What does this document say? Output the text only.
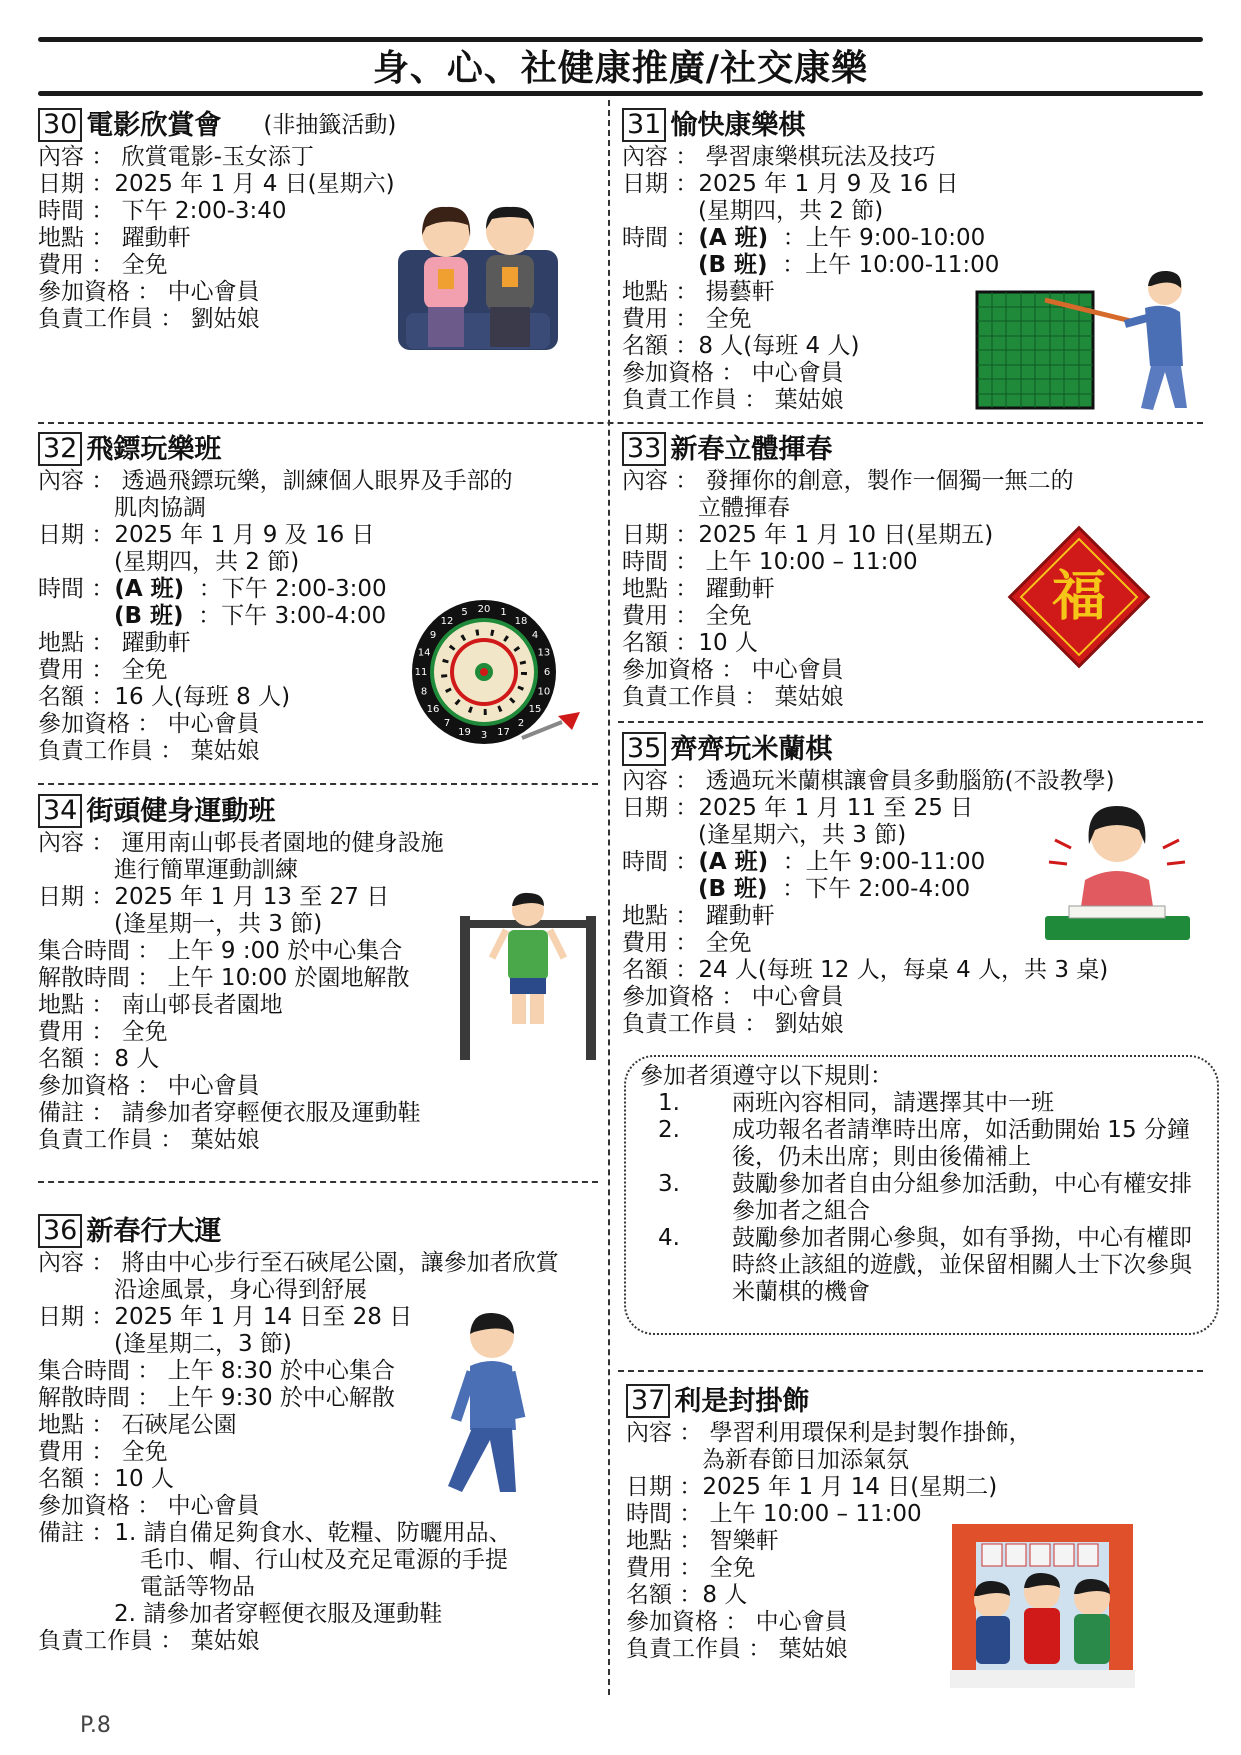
身、心、社健康推廣/社交康樂
30 電影欣賞會 (非抽籤活動)
內容 ： 欣賞電影-玉女添丁
日期 ： 2025 年 1 月 4 日(星期六)
時間 ： 下午 2:00-3:40
地點 ： 躍動軒
費用 ： 全免
參加資格 ： 中心會員
負責工作員 ： 劉姑娘
31 愉快康樂棋
內容 ： 學習康樂棋玩法及技巧
日期 ： 2025 年 1 月 9 及 16 日
(星期四，共 2 節)
時間 ： (A 班) ：上午 9:00-10:00
(B 班) ：上午 10:00-11:00
地點 ： 揚藝軒
費用 ： 全免
名額 ： 8 人(每班 4 人)
參加資格 ： 中心會員
負責工作員 ： 葉姑娘
32 飛鏢玩樂班
內容 ： 透過飛鏢玩樂，訓練個人眼界及手部的
肌肉協調
日期 ： 2025 年 1 月 9 及 16 日
(星期四，共 2 節)
時間 ： (A 班) ：下午 2:00-3:00
(B 班) ：下午 3:00-4:00
地點 ： 躍動軒
費用 ： 全免
名額 ： 16 人(每班 8 人)
參加資格 ： 中心會員
負責工作員 ： 葉姑娘
20 1
18
4
13
6
10
15
2
17
3
19
7
16
8
11
14
9
12
5
33 新春立體揮春
內容 ： 發揮你的創意，製作一個獨一無二的
立體揮春
日期 ： 2025 年 1 月 10 日(星期五)
時間 ： 上午 10:00 – 11:00
地點 ： 躍動軒
費用 ： 全免
名額 ： 10 人
參加資格 ： 中心會員
負責工作員 ： 葉姑娘
福
34 街頭健身運動班
內容 ： 運用南山邨長者園地的健身設施
進行簡單運動訓練
日期 ： 2025 年 1 月 13 至 27 日
(逢星期一，共 3 節)
集合時間 ： 上午 9 :00 於中心集合
解散時間 ： 上午 10:00 於園地解散
地點 ： 南山邨長者園地
費用 ： 全免
名額 ： 8 人
參加資格 ： 中心會員
備註 ： 請參加者穿輕便衣服及運動鞋
負責工作員 ： 葉姑娘
35 齊齊玩米蘭棋
內容 ： 透過玩米蘭棋讓會員多動腦筋(不設教學)
日期 ： 2025 年 1 月 11 至 25 日
(逢星期六，共 3 節)
時間 ： (A 班) ：上午 9:00-11:00
(B 班) ：下午 2:00-4:00
地點 ： 躍動軒
費用 ： 全免
名額 ： 24 人(每班 12 人，每桌 4 人，共 3 桌)
參加資格 ： 中心會員
負責工作員 ： 劉姑娘
參加者須遵守以下規則：
1.	兩班內容相同，請選擇其中一班
2.	成功報名者請準時出席，如活動開始 15 分鐘後，仍未出席；則由後備補上
3.	鼓勵參加者自由分組參加活動，中心有權安排參加者之組合
4.	鼓勵參加者開心參與，如有爭拗，中心有權即時終止該組的遊戲，並保留相關人士下次參與米蘭棋的機會
36 新春行大運
內容 ： 將由中心步行至石硤尾公園，讓參加者欣賞
沿途風景，身心得到舒展
日期 ： 2025 年 1 月 14 日至 28 日
(逢星期二，3 節)
集合時間 ： 上午 8:30 於中心集合
解散時間 ： 上午 9:30 於中心解散
地點 ： 石硤尾公園
費用 ： 全免
名額 ： 10 人
參加資格 ： 中心會員
備註 ： 1. 請自備足夠食水、乾糧、防曬用品、
毛巾、帽、行山杖及充足電源的手提
電話等物品
2. 請參加者穿輕便衣服及運動鞋
負責工作員 ： 葉姑娘
37 利是封掛飾
內容 ： 學習利用環保利是封製作掛飾，
為新春節日加添氣氛
日期 ： 2025 年 1 月 14 日(星期二)
時間 ： 上午 10:00 – 11:00
地點 ： 智樂軒
費用 ： 全免
名額 ： 8 人
參加資格 ： 中心會員
負責工作員 ： 葉姑娘
P.8
